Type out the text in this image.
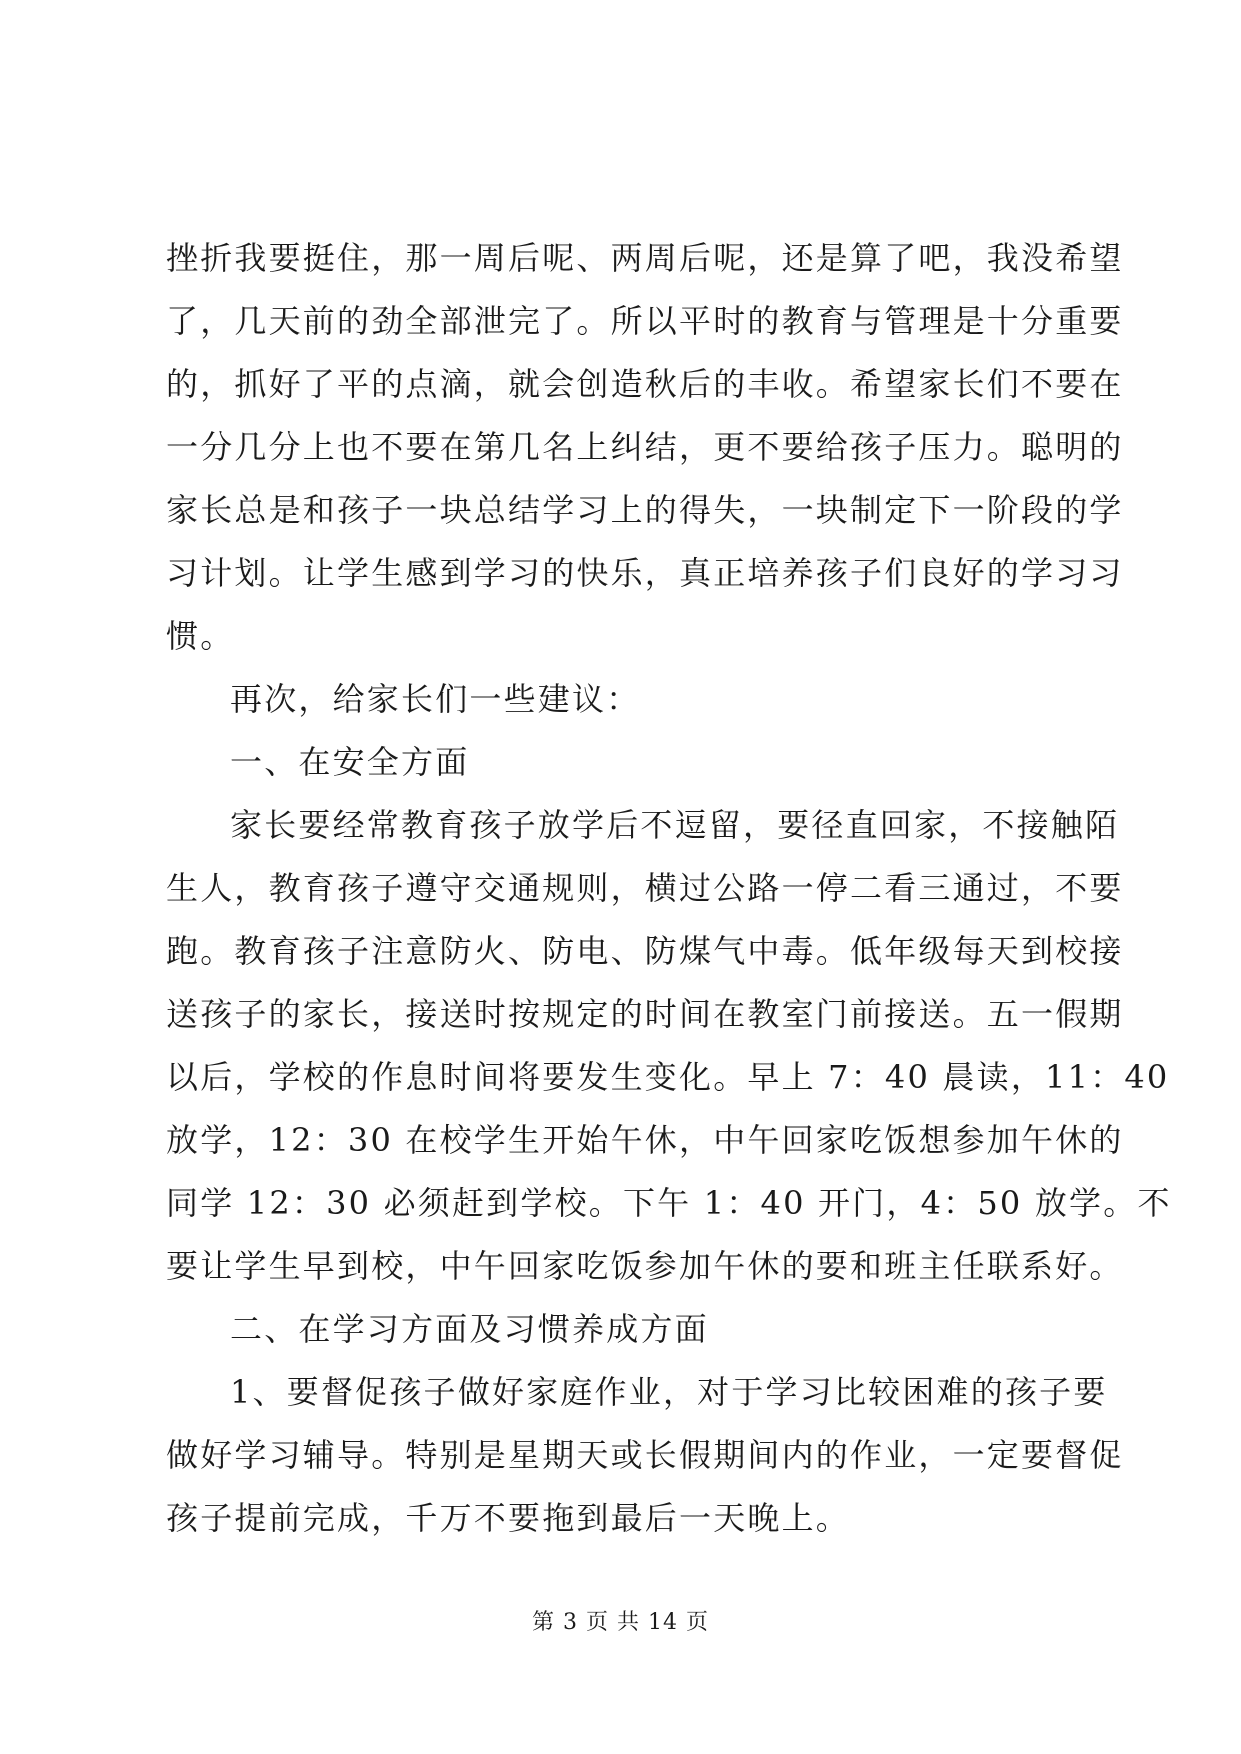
挫折我要挺住，那一周后呢、两周后呢，还是算了吧，我没希望
了，几天前的劲全部泄完了。所以平时的教育与管理是十分重要
的，抓好了平的点滴，就会创造秋后的丰收。希望家长们不要在
一分几分上也不要在第几名上纠结，更不要给孩子压力。聪明的
家长总是和孩子一块总结学习上的得失，一块制定下一阶段的学
习计划。让学生感到学习的快乐，真正培养孩子们良好的学习习
惯。
再次，给家长们一些建议：
一、在安全方面
家长要经常教育孩子放学后不逗留，要径直回家，不接触陌
生人，教育孩子遵守交通规则，横过公路一停二看三通过，不要
跑。教育孩子注意防火、防电、防煤气中毒。低年级每天到校接
送孩子的家长，接送时按规定的时间在教室门前接送。五一假期
以后，学校的作息时间将要发生变化。早上 7：40 晨读，11：40
放学，12：30 在校学生开始午休，中午回家吃饭想参加午休的
同学 12：30 必须赶到学校。下午 1：40 开门，4：50 放学。不
要让学生早到校，中午回家吃饭参加午休的要和班主任联系好。
二、在学习方面及习惯养成方面
1、要督促孩子做好家庭作业，对于学习比较困难的孩子要
做好学习辅导。特别是星期天或长假期间内的作业，一定要督促
孩子提前完成，千万不要拖到最后一天晚上。
第 3 页 共 14 页
